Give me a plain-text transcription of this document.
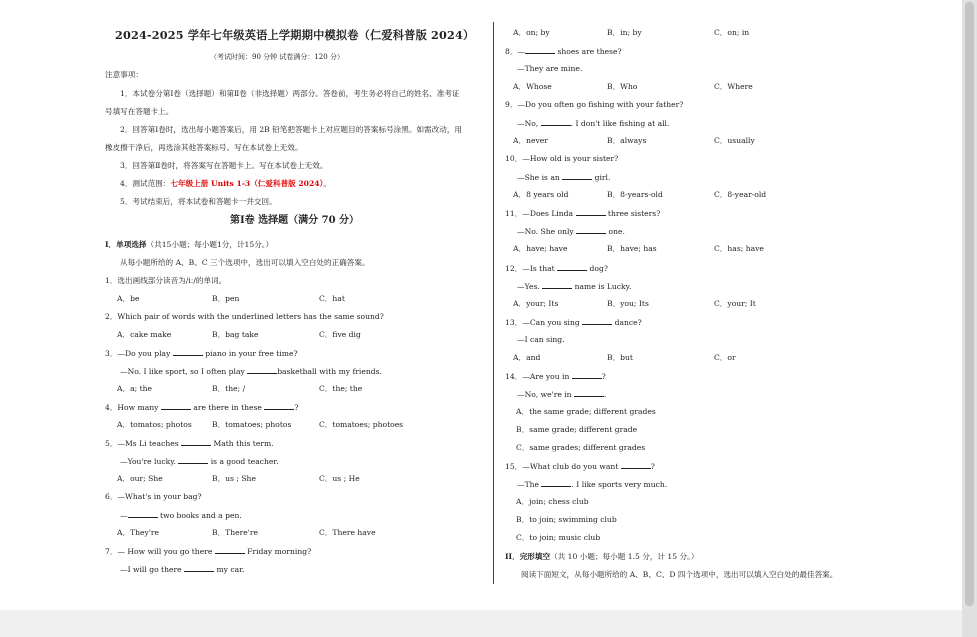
2024-2025 学年七年级英语上学期期中模拟卷（仁爱科普版 2024）
（考试时间：90 分钟 试卷满分：120 分）
注意事项：
1．本试卷分第Ⅰ卷（选择题）和第Ⅱ卷（非选择题）两部分。答卷前，考生务必将自己的姓名、准考证
号填写在答题卡上。
2．回答第Ⅰ卷时，选出每小题答案后，用 2B 铅笔把答题卡上对应题目的答案标号涂黑。如需改动，用
橡皮擦干净后，再选涂其他答案标号。写在本试卷上无效。
3．回答第Ⅱ卷时，将答案写在答题卡上。写在本试卷上无效。
4．测试范围：七年级上册 Units 1-3（仁爱科普版 2024）。
5．考试结束后，将本试卷和答题卡一并交回。
第Ⅰ卷 选择题（满分 70 分）
I．单项选择（共15小题；每小题1分，计15分。）
从每小题所给的 A、B、C 三个选项中，选出可以填入空白处的正确答案。
1．选出画线部分读音为/iː/的单词。
A．be	B．pen	C．hat
2．Which pair of words with the underlined letters has the same sound?
A．cake make	B．bag take	C．five dig
3．—Do you play	piano in your free time?
—No. I like sport, so I often play	basketball with my friends.
A．a; the	B．the; /	C．the; the
4．How many	are there in these	?
A．tomatos; photos	B．tomatoes; photos	C．tomatoes; photoes
5．—Ms Li teaches	Math this term.
—You're lucky.	is a good teacher.
A．our; She	B．us ; She	C．us ; He
6．—What's in your bag?
—	two books and a pen.
A．They're	B．There're	C．There have
7．— How will you go there	Friday morning?
—I will go there	my car.
A．on; by	B．in; by	C．on; in
8．—	shoes are these?
—They are mine.
A．Whose	B．Who	C．Where
9．—Do you often go fishing with your father?
—No,	. I don't like fishing at all.
A．never	B．always	C．usually
10．—How old is your sister?
—She is an	girl.
A．8 years old	B．8-years-old	C．8-year-old
11．—Does Linda	three sisters?
—No. She only	one.
A．have; have	B．have; has	C．has; have
12．—Is that	dog?
—Yes.	name is Lucky.
A．your; Its	B．you; Its	C．your; It
13．—Can you sing	dance?
—I can sing.
A．and	B．but	C．or
14．—Are you in	?
—No, we're in	.
A．the same grade; different grades
B．same grade; different grade
C．same grades; different grades
15．—What club do you want	?
—The	. I like sports very much.
A．join; chess club
B．to join; swimming club
C．to join; music club
II．完形填空（共 10 小题；每小题 1.5 分，计 15 分。）
阅读下面短文，从每小题所给的 A、B、C、D 四个选项中，选出可以填入空白处的最佳答案。
